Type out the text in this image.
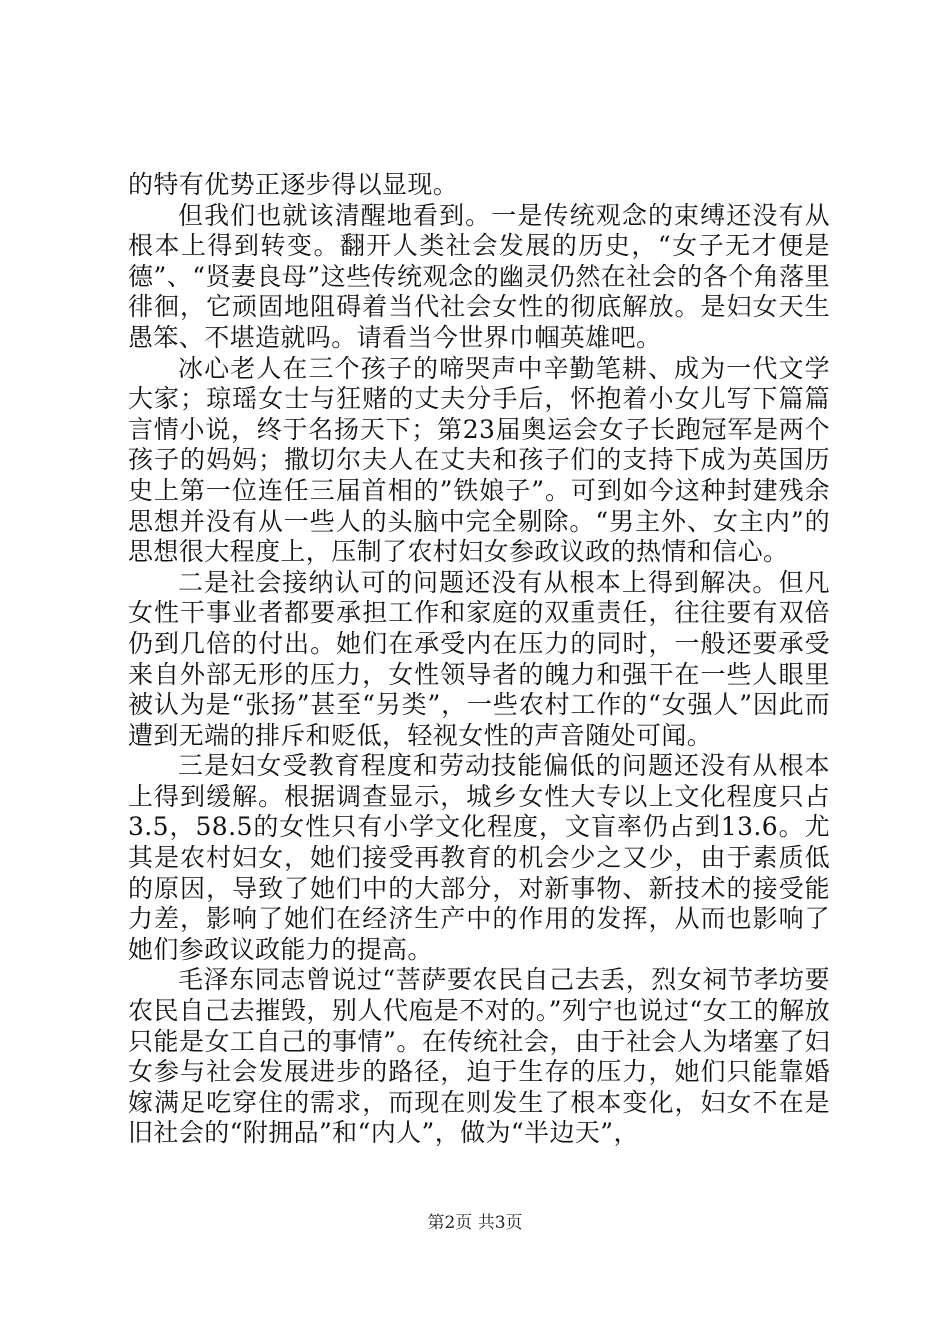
的特有优势正逐步得以显现。

但我们也就该清醒地看到。一是传统观念的束缚还没有从根本上得到转变。翻开人类社会发展的历史，“女子无才便是德”、“贤妻良母”这些传统观念的幽灵仍然在社会的各个角落里徘徊，它顽固地阻碍着当代社会女性的彻底解放。是妇女天生愚笨、不堪造就吗。请看当今世界巾帼英雄吧。

冰心老人在三个孩子的啼哭声中辛勤笔耕、成为一代文学大家；琼瑶女士与狂赌的丈夫分手后，怀抱着小女儿写下篇篇言情小说，终于名扬天下；第23届奥运会女子长跑冠军是两个孩子的妈妈；撒切尔夫人在丈夫和孩子们的支持下成为英国历史上第一位连任三届首相的”铁娘子”。可到如今这种封建残余思想并没有从一些人的头脑中完全剔除。“男主外、女主内”的思想很大程度上，压制了农村妇女参政议政的热情和信心。

二是社会接纳认可的问题还没有从根本上得到解决。但凡女性干事业者都要承担工作和家庭的双重责任，往往要有双倍仍到几倍的付出。她们在承受内在压力的同时，一般还要承受来自外部无形的压力，女性领导者的魄力和强干在一些人眼里被认为是“张扬”甚至“另类”，一些农村工作的“女强人”因此而遭到无端的排斥和贬低，轻视女性的声音随处可闻。

三是妇女受教育程度和劳动技能偏低的问题还没有从根本上得到缓解。根据调查显示，城乡女性大专以上文化程度只占3.5，58.5的女性只有小学文化程度，文盲率仍占到13.6。尤其是农村妇女，她们接受再教育的机会少之又少，由于素质低的原因，导致了她们中的大部分，对新事物、新技术的接受能力差，影响了她们在经济生产中的作用的发挥，从而也影响了她们参政议政能力的提高。

毛泽东同志曾说过“菩萨要农民自己去丢，烈女祠节孝坊要农民自己去摧毁，别人代庖是不对的。”列宁也说过“女工的解放只能是女工自己的事情”。在传统社会，由于社会人为堵塞了妇女参与社会发展进步的路径，迫于生存的压力，她们只能靠婚嫁满足吃穿住的需求，而现在则发生了根本变化，妇女不在是旧社会的“附拥品”和“内人”，做为“半边天”，

第2页 共3页
